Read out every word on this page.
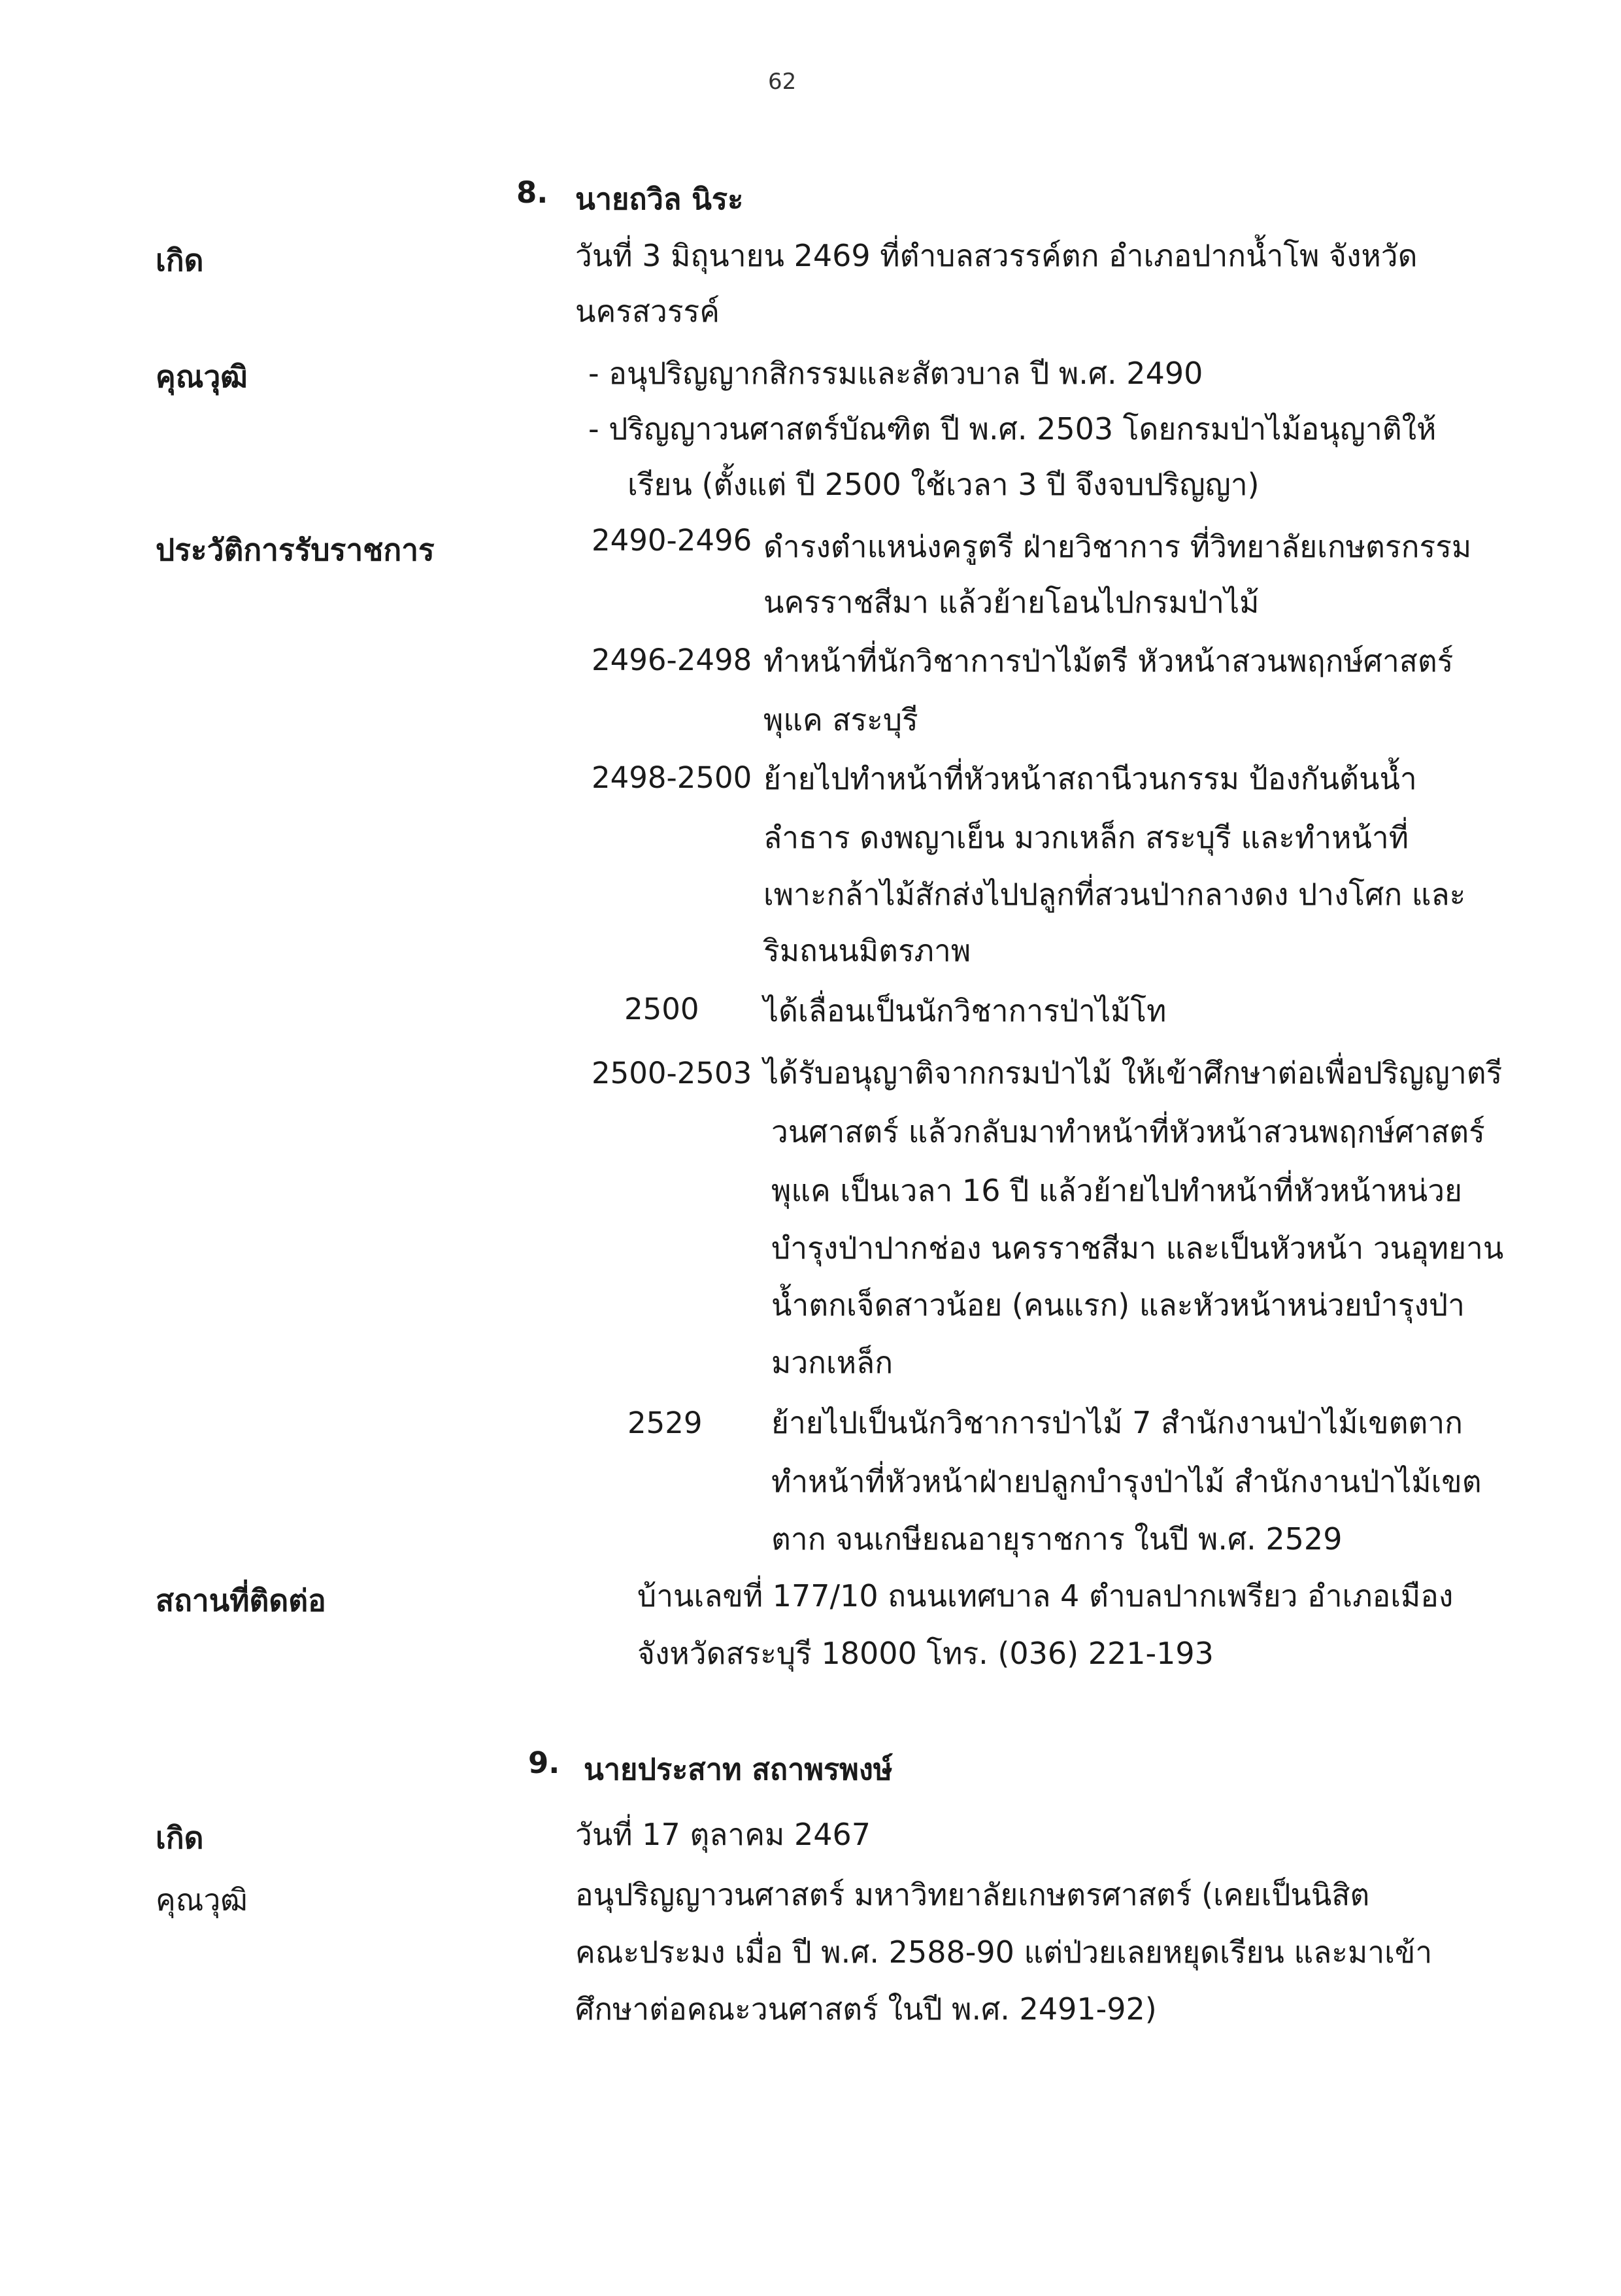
62
8. นายถวิล นิระ
เกิด	วันที่ 3 มิถุนายน 2469 ที่ตำบลสวรรค์ตก อำเภอปากน้ำโพ จังหวัด
นครสวรรค์
คุณวุฒิ	- อนุปริญญากสิกรรมและสัตวบาล ปี พ.ศ. 2490
- ปริญญาวนศาสตร์บัณฑิต ปี พ.ศ. 2503 โดยกรมป่าไม้อนุญาติให้
เรียน (ตั้งแต่ ปี 2500 ใช้เวลา 3 ปี จึงจบปริญญา)
ประวัติการรับราชการ	2490-2496 ดำรงตำแหน่งครูตรี ฝ่ายวิชาการ ที่วิทยาลัยเกษตรกรรม
นครราชสีมา แล้วย้ายโอนไปกรมป่าไม้
2496-2498 ทำหน้าที่นักวิชาการป่าไม้ตรี หัวหน้าสวนพฤกษ์ศาสตร์
พุแค สระบุรี
2498-2500 ย้ายไปทำหน้าที่หัวหน้าสถานีวนกรรม ป้องกันต้นน้ำ
ลำธาร ดงพญาเย็น มวกเหล็ก สระบุรี และทำหน้าที่
เพาะกล้าไม้สักส่งไปปลูกที่สวนป่ากลางดง ปางโศก และ
ริมถนนมิตรภาพ
2500 ได้เลื่อนเป็นนักวิชาการป่าไม้โท
2500-2503 ได้รับอนุญาติจากกรมป่าไม้ ให้เข้าศึกษาต่อเพื่อปริญญาตรี
วนศาสตร์ แล้วกลับมาทำหน้าที่หัวหน้าสวนพฤกษ์ศาสตร์
พุแค เป็นเวลา 16 ปี แล้วย้ายไปทำหน้าที่หัวหน้าหน่วย
บำรุงป่าปากช่อง นครราชสีมา และเป็นหัวหน้า วนอุทยาน
น้ำตกเจ็ดสาวน้อย (คนแรก) และหัวหน้าหน่วยบำรุงป่า
มวกเหล็ก
2529 ย้ายไปเป็นนักวิชาการป่าไม้ 7 สำนักงานป่าไม้เขตตาก
ทำหน้าที่หัวหน้าฝ่ายปลูกบำรุงป่าไม้ สำนักงานป่าไม้เขต
ตาก จนเกษียณอายุราชการ ในปี พ.ศ. 2529
สถานที่ติดต่อ	บ้านเลขที่ 177/10 ถนนเทศบาล 4 ตำบลปากเพรียว อำเภอเมือง
จังหวัดสระบุรี 18000 โทร. (036) 221-193
9. นายประสาท สถาพรพงษ์
เกิด	วันที่ 17 ตุลาคม 2467
คุณวุฒิ	อนุปริญญาวนศาสตร์ มหาวิทยาลัยเกษตรศาสตร์ (เคยเป็นนิสิต
คณะประมง เมื่อ ปี พ.ศ. 2588-90 แต่ป่วยเลยหยุดเรียน และมาเข้า
ศึกษาต่อคณะวนศาสตร์ ในปี พ.ศ. 2491-92)
